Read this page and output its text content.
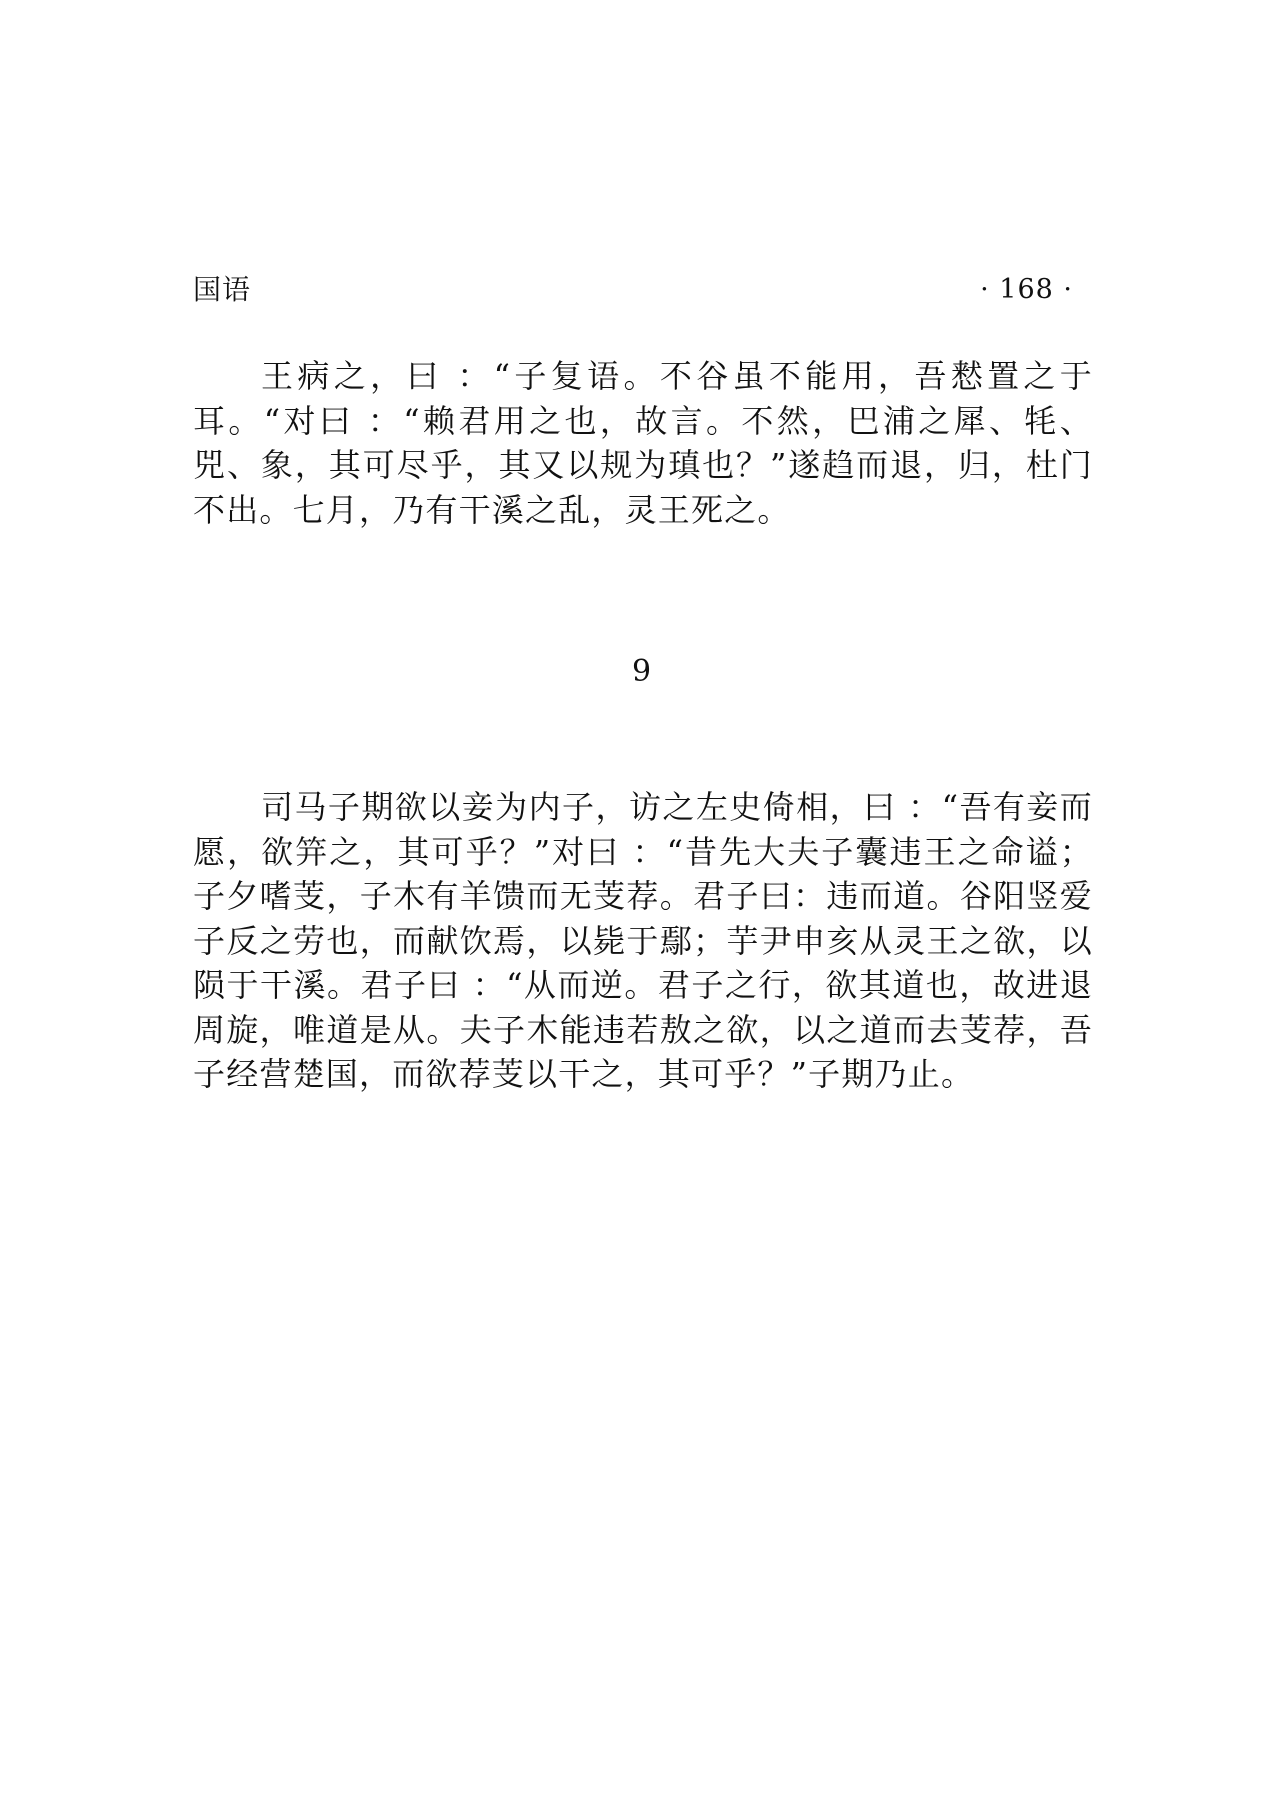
国语	· 168 ·

王病之，曰 ：“子复语。不谷虽不能用，吾慭置之于耳。“对曰 ：“赖君用之也，故言。不然，巴浦之犀、牦、兕、象，其可尽乎，其又以规为瑱也？”遂趋而退，归，杜门不出。七月，乃有干溪之乱，灵王死之。

9

司马子期欲以妾为内子，访之左史倚相，曰 ：“吾有妾而愿，欲笄之，其可乎？”对曰 ：“昔先大夫子囊违王之命谥；子夕嗜芰，子木有羊馈而无芰荐。君子曰：违而道。谷阳竖爱子反之劳也，而献饮焉，以毙于鄢；芋尹申亥从灵王之欲，以陨于干溪。君子曰 ：“从而逆。君子之行，欲其道也，故进退周旋，唯道是从。夫子木能违若敖之欲，以之道而去芰荐，吾子经营楚国，而欲荐芰以干之，其可乎？”子期乃止。
